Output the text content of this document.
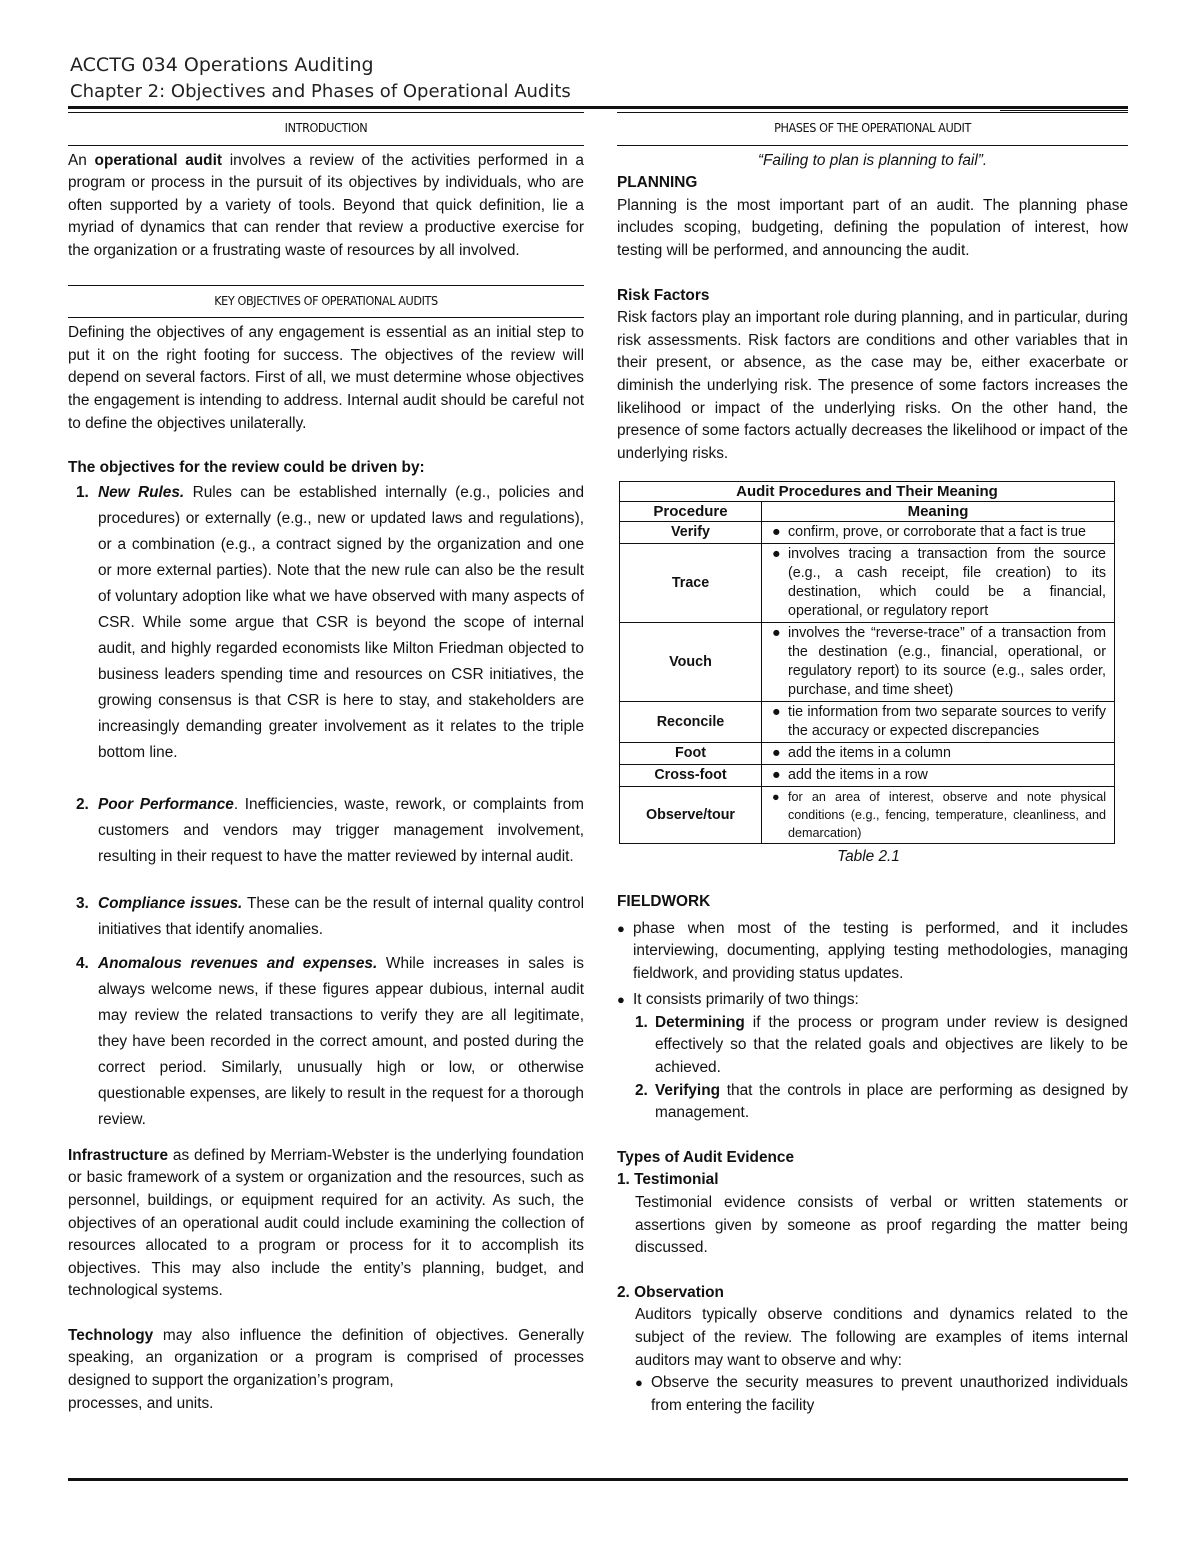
ACCTG 034 Operations Auditing
Chapter 2: Objectives and Phases of Operational Audits
INTRODUCTION

An operational audit involves a review of the activities performed in a program or process in the pursuit of its objectives by individuals, who are often supported by a variety of tools. Beyond that quick definition, lie a myriad of dynamics that can render that review a productive exercise for the organization or a frustrating waste of resources by all involved.

KEY OBJECTIVES OF OPERATIONAL AUDITS

Defining the objectives of any engagement is essential as an initial step to put it on the right footing for success. The objectives of the review will depend on several factors. First of all, we must determine whose objectives the engagement is intending to address. Internal audit should be careful not to define the objectives unilaterally.

The objectives for the review could be driven by:

1. New Rules. Rules can be established internally (e.g., policies and procedures) or externally (e.g., new or updated laws and regulations), or a combination (e.g., a contract signed by the organization and one or more external parties). Note that the new rule can also be the result of voluntary adoption like what we have observed with many aspects of CSR. While some argue that CSR is beyond the scope of internal audit, and highly regarded economists like Milton Friedman objected to business leaders spending time and resources on CSR initiatives, the growing consensus is that CSR is here to stay, and stakeholders are increasingly demanding greater involvement as it relates to the triple bottom line.
2. Poor Performance. Inefficiencies, waste, rework, or complaints from customers and vendors may trigger management involvement, resulting in their request to have the matter reviewed by internal audit.
3. Compliance issues. These can be the result of internal quality control initiatives that identify anomalies.
4. Anomalous revenues and expenses. While increases in sales is always welcome news, if these figures appear dubious, internal audit may review the related transactions to verify they are all legitimate, they have been recorded in the correct amount, and posted during the correct period. Similarly, unusually high or low, or otherwise questionable expenses, are likely to result in the request for a thorough review.

Infrastructure as defined by Merriam-Webster is the underlying foundation or basic framework of a system or organization and the resources, such as personnel, buildings, or equipment required for an activity. As such, the objectives of an operational audit could include examining the collection of resources allocated to a program or process for it to accomplish its objectives. This may also include the entity’s planning, budget, and technological systems.

Technology may also influence the definition of objectives. Generally speaking, an organization or a program is comprised of processes designed to support the organization’s program,

processes, and units.

PHASES OF THE OPERATIONAL AUDIT

“Failing to plan is planning to fail”.

PLANNING

Planning is the most important part of an audit. The planning phase includes scoping, budgeting, defining the population of interest, how testing will be performed, and announcing the audit.

Risk Factors

Risk factors play an important role during planning, and in particular, during risk assessments. Risk factors are conditions and other variables that in their present, or absence, as the case may be, either exacerbate or diminish the underlying risk. The presence of some factors increases the likelihood or impact of the underlying risks. On the other hand, the presence of some factors actually decreases the likelihood or impact of the underlying risks.

Audit Procedures and Their Meaning	
Procedure	Meaning
Verify	● confirm, prove, or corroborate that a fact is true

Trace	● involves tracing a transaction from the source (e.g., a cash receipt, file creation) to its destination, which could be a financial, operational, or regulatory report

Vouch	● involves the “reverse-trace” of a transaction from the destination (e.g., financial, operational, or regulatory report) to its source (e.g., sales order, purchase, and time sheet)

Reconcile	● tie information from two separate sources to verify the accuracy or expected discrepancies

Foot	● add the items in a column

Cross-foot	● add the items in a row

Observe/tour	● for an area of interest, observe and note physical conditions (e.g., fencing, temperature, cleanliness, and demarcation)

Table 2.1

FIELDWORK

● phase when most of the testing is performed, and it includes interviewing, documenting, applying testing methodologies, managing fieldwork, and providing status updates.
● It consists primarily of two things:
1. Determining if the process or program under review is designed effectively so that the related goals and objectives are likely to be achieved.
2. Verifying that the controls in place are performing as designed by management.

Types of Audit Evidence

1. Testimonial

Testimonial evidence consists of verbal or written statements or assertions given by someone as proof regarding the matter being discussed.

2. Observation

Auditors typically observe conditions and dynamics related to the subject of the review. The following are examples of items internal auditors may want to observe and why:

● Observe the security measures to prevent unauthorized individuals from entering the facility
